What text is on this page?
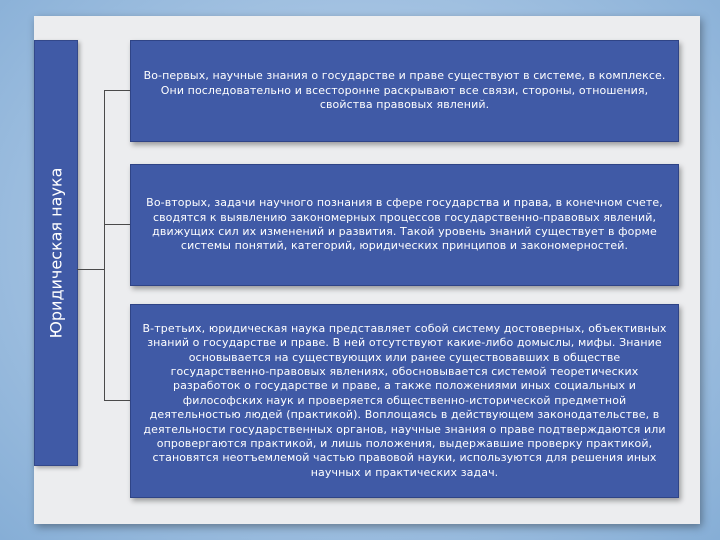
Юридическая наука

Во-первых, научные знания о государстве и праве существуют в системе, в комплексе. Они последовательно и всесторонне раскрывают все связи, стороны, отношения, свойства правовых явлений.

Во-вторых, задачи научного познания в сфере государства и права, в конечном счете, сводятся к выявлению закономерных процессов государственно-правовых явлений, движущих сил их изменений и развития. Такой уровень знаний существует в форме системы понятий, категорий, юридических принципов и закономерностей.

В-третьих, юридическая наука представляет собой систему достоверных, объективных знаний о государстве и праве. В ней отсутствуют какие-либо домыслы, мифы. Знание основывается на существующих или ранее существовавших в обществе государственно-правовых явлениях, обосновывается системой теоретических разработок о государстве и праве, а также положениями иных социальных и философских наук и проверяется общественно-исторической предметной деятельностью людей (практикой). Воплощаясь в действующем законодательстве, в деятельности государственных органов, научные знания о праве подтверждаются или опровергаются практикой, и лишь положения, выдержавшие проверку практикой, становятся неотъемлемой частью правовой науки, используются для решения иных научных и практических задач.
